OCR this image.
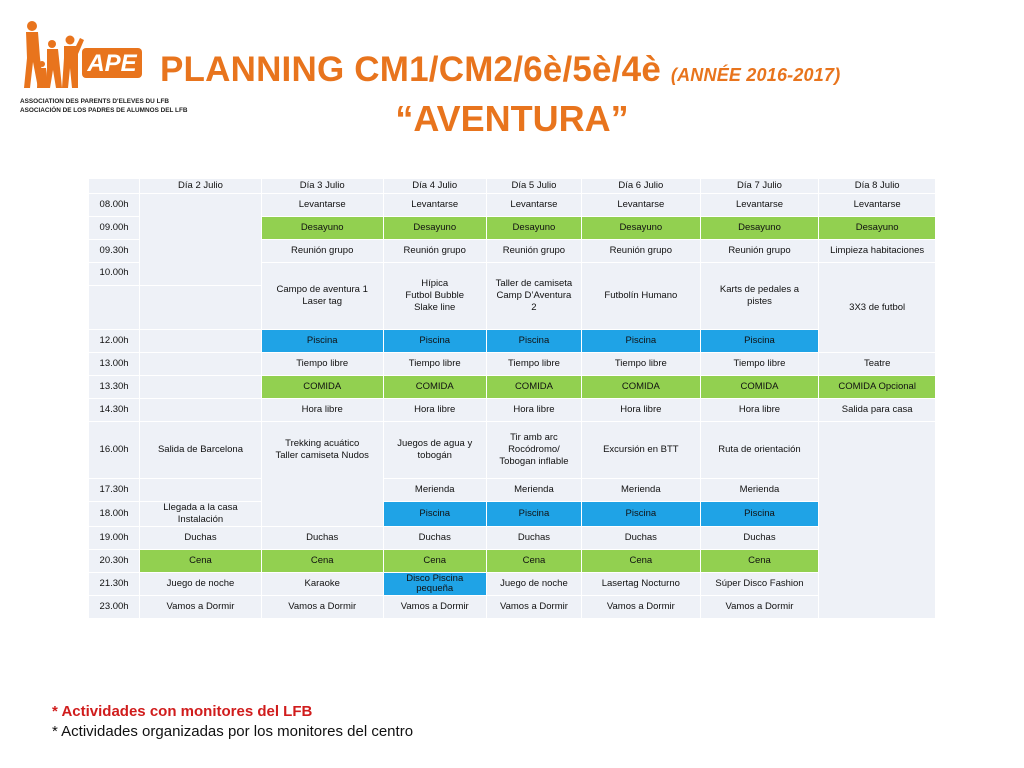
APE
ASSOCIATION DES PARENTS D'ELEVES DU LFB
ASOCIACIÓN DE LOS PADRES DE ALUMNOS DEL LFB
PLANNING CM1/CM2/6è/5è/4è (ANNÉE 2016-2017)
“AVENTURA”
	Día 2 Julio	Día 3 Julio	Día 4 Julio	Día 5 Julio	Día 6 Julio	Día 7 Julio	Día 8 Julio
08.00h		Levantarse	Levantarse	Levantarse	Levantarse	Levantarse	Levantarse
09.00h		Desayuno	Desayuno	Desayuno	Desayuno	Desayuno	Desayuno
09.30h		Reunión grupo	Reunión grupo	Reunión grupo	Reunión grupo	Reunión grupo	Limpieza habitaciones
10.00h		Campo de aventura 1
Laser tag	Hípica
Futbol Bubble
Slake line	Taller de camiseta
Camp D’Aventura
2	Futbolín Humano	Karts de pedales a
pistes	3X3 de futbol

12.00h		Piscina	Piscina	Piscina	Piscina	Piscina	
13.00h		Tiempo libre	Tiempo libre	Tiempo libre	Tiempo libre	Tiempo libre	Teatre
13.30h		COMIDA	COMIDA	COMIDA	COMIDA	COMIDA	COMIDA Opcional
14.30h		Hora libre	Hora libre	Hora libre	Hora libre	Hora libre	Salida para casa
16.00h	Salida de Barcelona	Trekking acuático
Taller camiseta Nudos	Juegos de agua y
tobogán	Tir amb arc
Rocódromo/
Tobogan inflable	Excursión en BTT	Ruta de orientación	
17.30h			Merienda	Merienda	Merienda	Merienda	
18.00h	Llegada a la casa
Instalación		Piscina	Piscina	Piscina	Piscina	
19.00h	Duchas	Duchas	Duchas	Duchas	Duchas	Duchas	
20.30h	Cena	Cena	Cena	Cena	Cena	Cena	
21.30h	Juego de noche	Karaoke	Disco Piscina
pequeña	Juego de noche	Lasertag Nocturno	Súper Disco Fashion	
23.00h	Vamos a Dormir	Vamos a Dormir	Vamos a Dormir	Vamos a Dormir	Vamos a Dormir	Vamos a Dormir	
* Actividades con monitores del LFB
* Actividades organizadas por los monitores del centro
